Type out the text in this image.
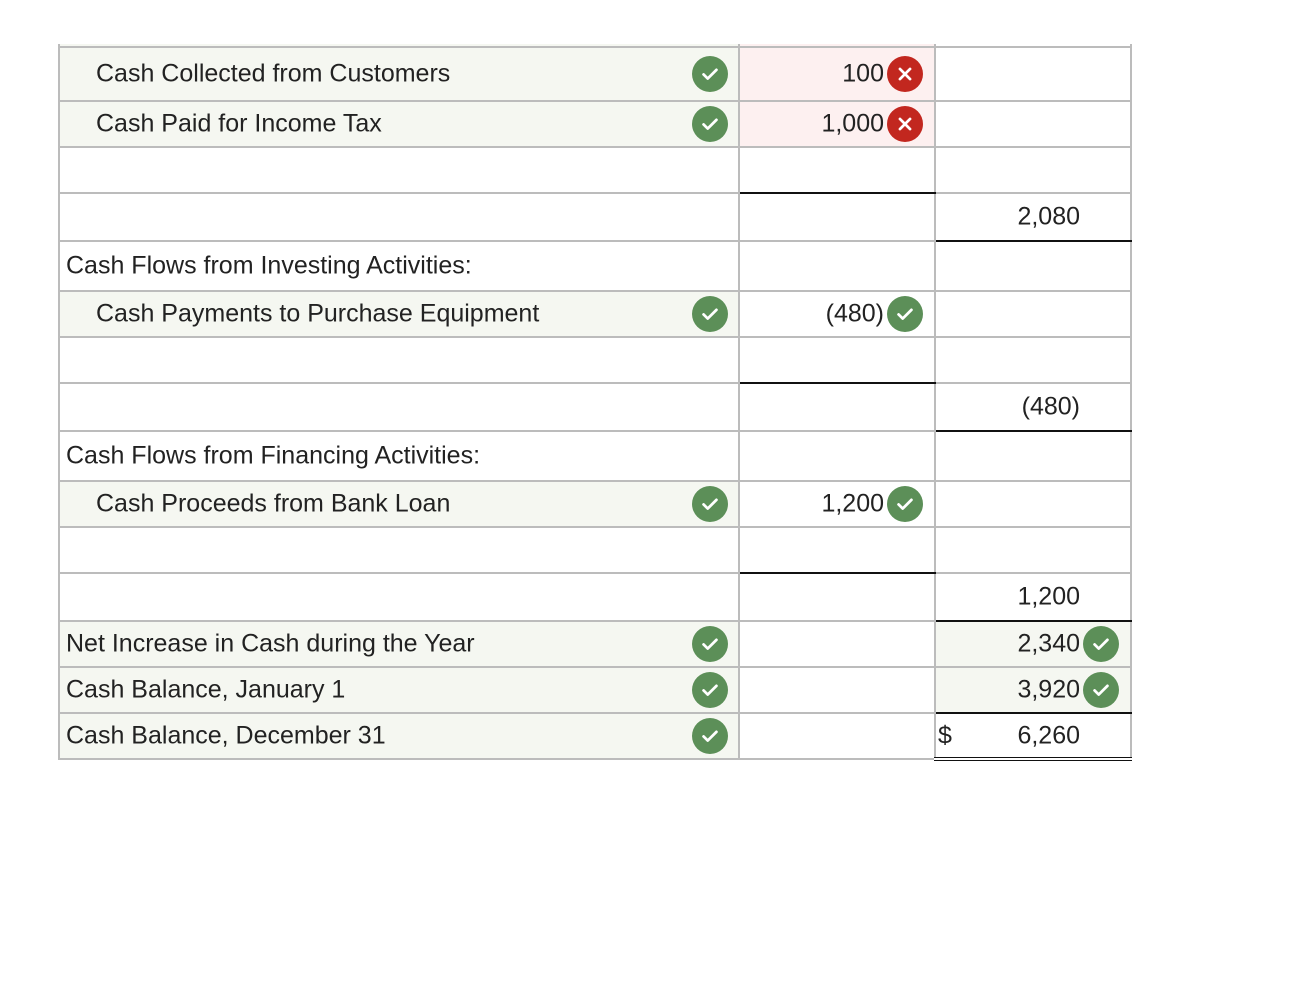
Cash Collected from Customers	100	

Cash Paid for Income Tax	1,000	

		2,080

Cash Flows from Investing Activities:		

Cash Payments to Purchase Equipment	(480)	

		(480)

Cash Flows from Financing Activities:		

Cash Proceeds from Bank Loan	1,200	

		1,200

Net Increase in Cash during the Year		2,340

Cash Balance, January 1		3,920

Cash Balance, December 31		$ 6,260
